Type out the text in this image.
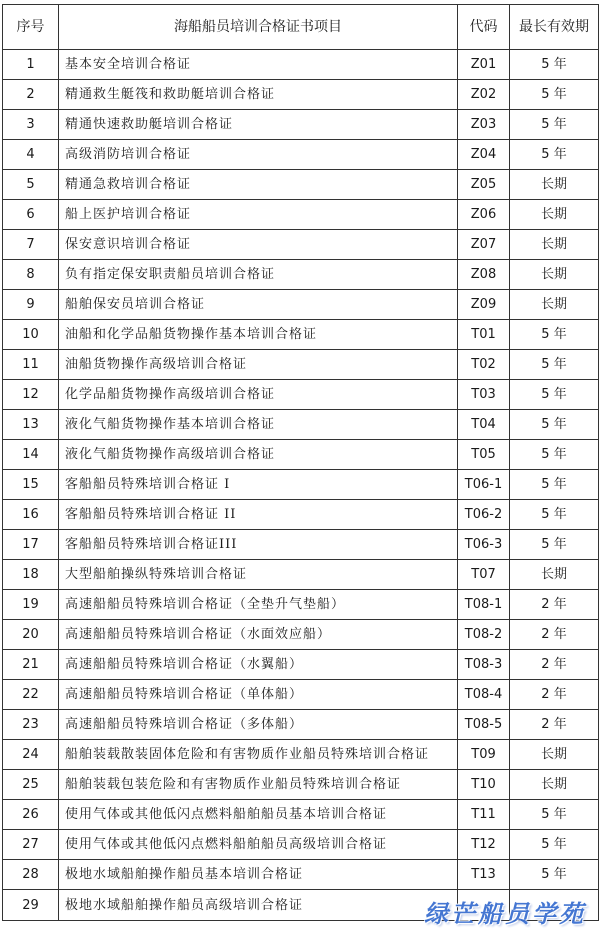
序号	海船船员培训合格证书项目	代码	最长有效期
1	基本安全培训合格证	Z01	5 年
2	精通救生艇筏和救助艇培训合格证	Z02	5 年
3	精通快速救助艇培训合格证	Z03	5 年
4	高级消防培训合格证	Z04	5 年
5	精通急救培训合格证	Z05	长期
6	船上医护培训合格证	Z06	长期
7	保安意识培训合格证	Z07	长期
8	负有指定保安职责船员培训合格证	Z08	长期
9	船舶保安员培训合格证	Z09	长期
10	油船和化学品船货物操作基本培训合格证	T01	5 年
11	油船货物操作高级培训合格证	T02	5 年
12	化学品船货物操作高级培训合格证	T03	5 年
13	液化气船货物操作基本培训合格证	T04	5 年
14	液化气船货物操作高级培训合格证	T05	5 年
15	客船船员特殊培训合格证 I	T06-1	5 年
16	客船船员特殊培训合格证 II	T06-2	5 年
17	客船船员特殊培训合格证III	T06-3	5 年
18	大型船舶操纵特殊培训合格证	T07	长期
19	高速船船员特殊培训合格证（全垫升气垫船）	T08-1	2 年
20	高速船船员特殊培训合格证（水面效应船）	T08-2	2 年
21	高速船船员特殊培训合格证（水翼船）	T08-3	2 年
22	高速船船员特殊培训合格证（单体船）	T08-4	2 年
23	高速船船员特殊培训合格证（多体船）	T08-5	2 年
24	船舶装载散装固体危险和有害物质作业船员特殊培训合格证	T09	长期
25	船舶装载包装危险和有害物质作业船员特殊培训合格证	T10	长期
26	使用气体或其他低闪点燃料船舶船员基本培训合格证	T11	5 年
27	使用气体或其他低闪点燃料船舶船员高级培训合格证	T12	5 年
28	极地水域船舶操作船员基本培训合格证	T13	5 年
29	极地水域船舶操作船员高级培训合格证			绿芒船员学苑
